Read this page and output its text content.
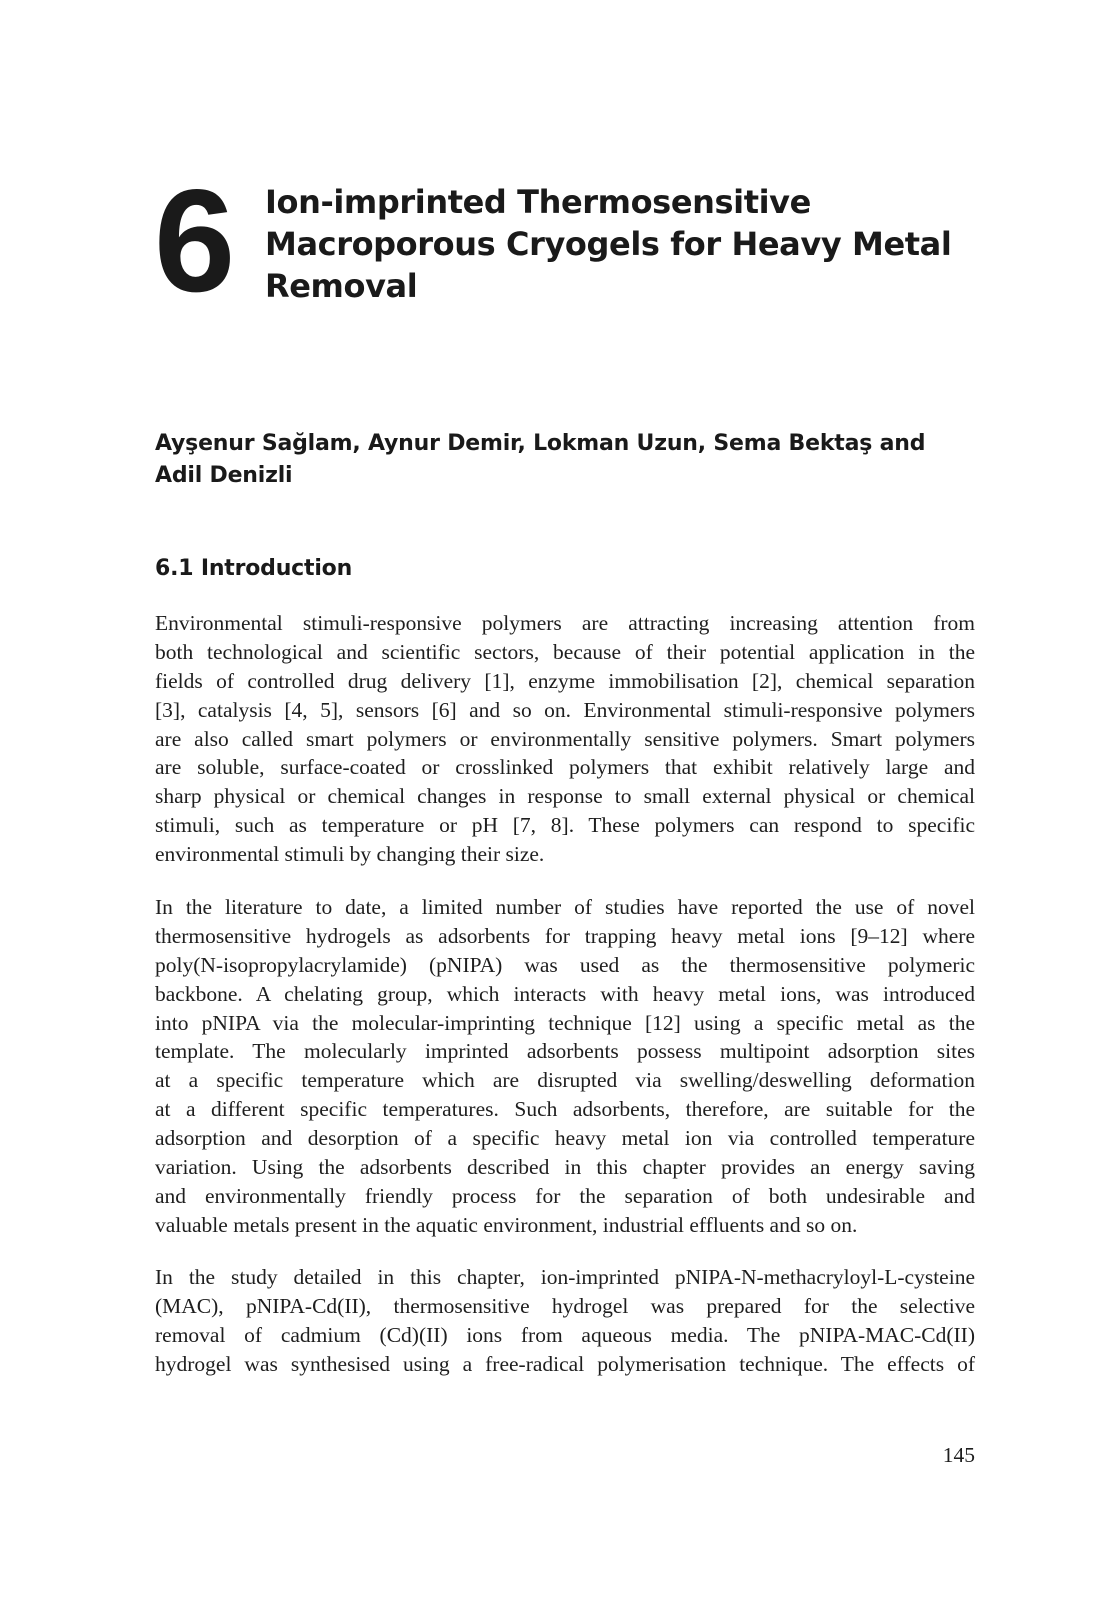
6 Ion-imprinted Thermosensitive
Macroporous Cryogels for Heavy Metal
Removal
Ayşenur Sağlam, Aynur Demir, Lokman Uzun, Sema Bektaş and
Adil Denizli
6.1 Introduction

Environmental stimuli-responsive polymers are attracting increasing attention from
both technological and scientific sectors, because of their potential application in the
fields of controlled drug delivery [1], enzyme immobilisation [2], chemical separation
[3], catalysis [4, 5], sensors [6] and so on. Environmental stimuli-responsive polymers
are also called smart polymers or environmentally sensitive polymers. Smart polymers
are soluble, surface-coated or crosslinked polymers that exhibit relatively large and
sharp physical or chemical changes in response to small external physical or chemical
stimuli, such as temperature or pH [7, 8]. These polymers can respond to specific
environmental stimuli by changing their size.

In the literature to date, a limited number of studies have reported the use of novel
thermosensitive hydrogels as adsorbents for trapping heavy metal ions [9–12] where
poly(N-isopropylacrylamide) (pNIPA) was used as the thermosensitive polymeric
backbone. A chelating group, which interacts with heavy metal ions, was introduced
into pNIPA via the molecular-imprinting technique [12] using a specific metal as the
template. The molecularly imprinted adsorbents possess multipoint adsorption sites
at a specific temperature which are disrupted via swelling/deswelling deformation
at a different specific temperatures. Such adsorbents, therefore, are suitable for the
adsorption and desorption of a specific heavy metal ion via controlled temperature
variation. Using the adsorbents described in this chapter provides an energy saving
and environmentally friendly process for the separation of both undesirable and
valuable metals present in the aquatic environment, industrial effluents and so on.

In the study detailed in this chapter, ion-imprinted pNIPA-N-methacryloyl-L-cysteine
(MAC), pNIPA-Cd(II), thermosensitive hydrogel was prepared for the selective
removal of cadmium (Cd)(II) ions from aqueous media. The pNIPA-MAC-Cd(II)
hydrogel was synthesised using a free-radical polymerisation technique. The effects of

145
